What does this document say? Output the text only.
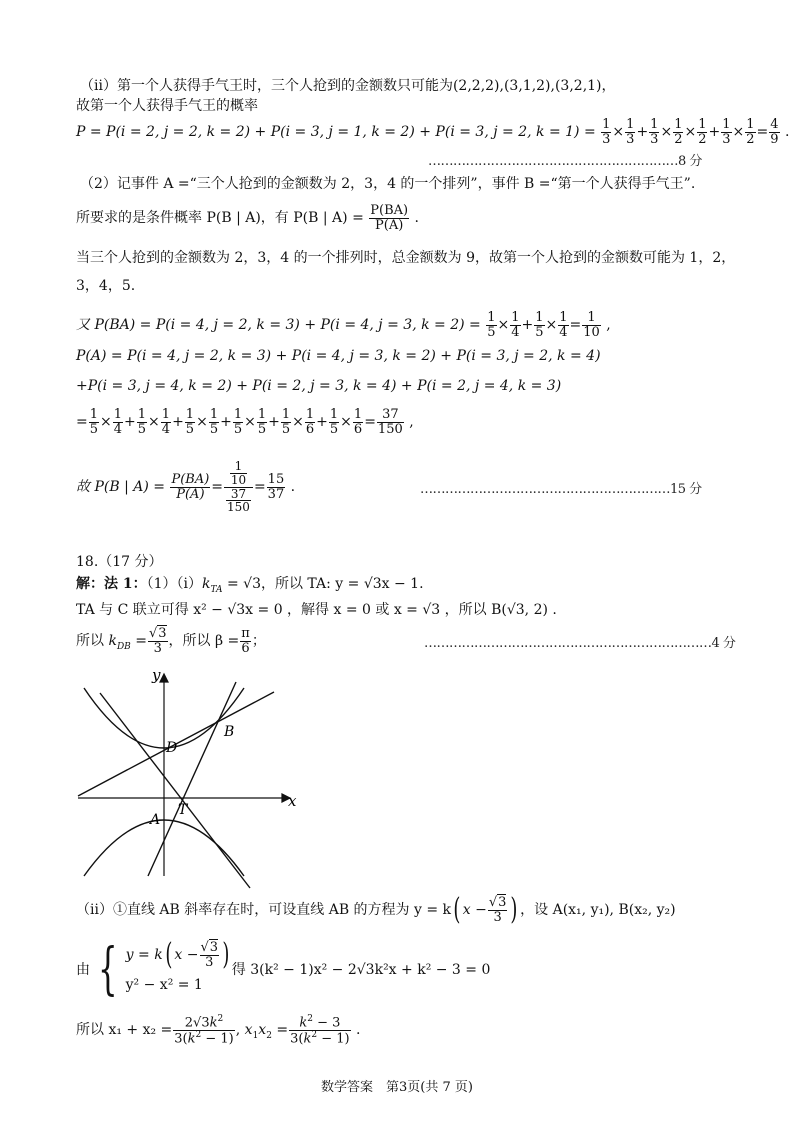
（ⅱ）第一个人获得手气王时，三个人抢到的金额数只可能为(2,2,2),(3,1,2),(3,2,1)，
故第一个人获得手气王的概率
P = P(i = 2, j = 2, k = 2) + P(i = 3, j = 1, k = 2) + P(i = 3, j = 2, $k = 1) = \frac{1}{3} \times \frac{1}{3} + \frac{1}{3} \times \frac{1}{2} \times \frac{1}{2} + \frac{1}{3} \times \frac{1}{2} = \frac{4}{9}$ .
……………………………………………………8 分
（2）记事件 A =“三个人抢到的金额数为 2，3，4 的一个排列”，事件 B =“第一个人获得手气王”.
所要求的是条件概率 P(B | A)，有 P(B | $A) = \frac{P(BA)}{P(A)}$ .
当三个人抢到的金额数为 2，3，4 的一个排列时，总金额数为 9，故第一个人抢到的金额数可能为 1，2，
3，4，5.
又 P(BA) = P(i = 4, j = 2, k = 3) + P(i = 4, j = 3, $k = 2) = \frac{1}{5} \times \frac{1}{4} + \frac{1}{5} \times \frac{1}{4} = \frac{1}{10}$ ,
P(A) = P(i = 4, j = 2, k = 3) + P(i = 4, j = 3, k = 2) + P(i = 3, j = 2, k = 4)
+P(i = 3, j = 4, k = 2) + P(i = 2, j = 3, k = 4) + P(i = 2, j = 4, k = 3)
= $\frac{1}{5} \times \frac{1}{4} + \frac{1}{5} \times \frac{1}{4} + \frac{1}{5} \times \frac{1}{5} + \frac{1}{5} \times \frac{1}{5} + \frac{1}{5} \times \frac{1}{6} + \frac{1}{5} \times \frac{1}{6} = \frac{37}{150}$ ,
故 P(B | $A) = \frac{P(BA)}{P(A)} = \frac{\frac{1}{10}}{\frac{37}{150}} = \frac{15}{37}$ .	……………………………………………………15 分
18.（17 分）
解：法 1：$(1)(ⅰ)k_{TA} = √3$，所以 TA: y = √3x − 1.
TA 与 C 联立可得 x² − √3x = 0 ，解得 x = 0 或 x = √3 ，所以 B(√3, 2) .
所以 $k_{DB} = \frac{√3}{3}$ ，所以 $\beta = \frac{\pi}{6}$ ；	……………………………………………………………4 分
y
x
D
B
T
A
（ⅱ）①直线 AB 斜率存在时，可设直线 AB 的方程为 y = k( $x - \frac{√3}{3}$ ) ，设 A(x₁, y₁), B(x₂, y₂)
由 { y = k( $x - \frac{√3}{3}$ )
y² − x² = 1
得 3(k² − 1)x² − 2√3k²x + k² − 3 = 0
所以 $x_1 + x_2 = \frac{2√3k^2}{3(k^2 - 1)}$ , $x_1x_2 = \frac{k^2 - 3}{3(k^2 - 1)}$ .
数学答案　第3页(共 7 页)
